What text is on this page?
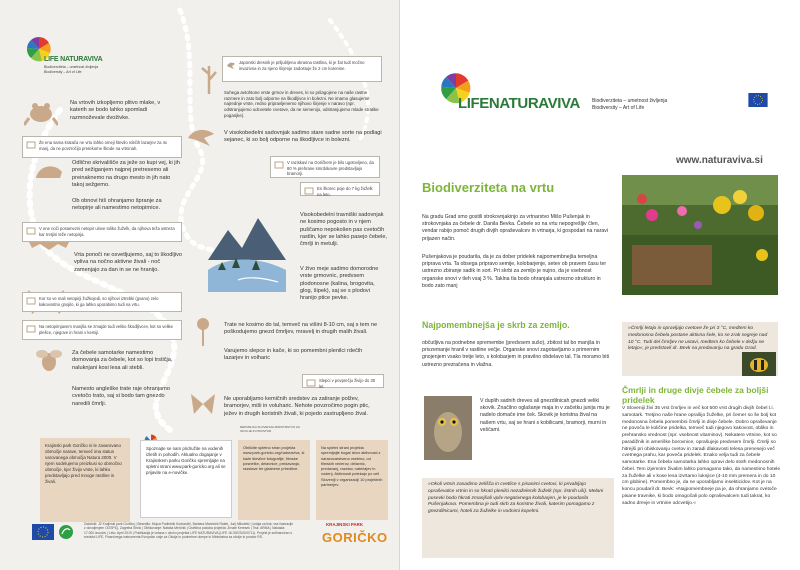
LIFE NATURAVIVA
Biodiverziteta – umetnost življenja
Biodiversity – Art of Life
Na vrtovih izkopljemo plitvo mlake, v katerih se bodo lahko spomladi razmnoževale dvoživke.
Odlično skrivališče za ježe so kupi vej, ki jih pred sežiganjem najprej pretresemo ali preinaknemo na drugo mesto in jih nato takoj sežgemo.
Ob obnovi hiš ohranjamo špranje za netopirje ali namestimo netopirnice.
Vrta ponoči ne osvetljujemo, saj to škodljivo vpliva na nočno aktivne živali - noč zamenjajo za dan in se ne hranijo.
Za čebele samotarke namestimo domovanja za čebele, kot so lopi trstičja, naluknjani kosi lesa ali stebli.
Namesto angleške trate raje ohranjamo cvetočo trato, saj si bodo tam gnezdo naredili čmrlji.
Suhega avtohtone vrste grmov in dreves, ki so prilagojene na naše rastne razmere in zato bolj odporne na škodljivce in bolezni. Ne imamo glasujeme najrednje vrste, redno pripravljenemo njihovo širjenje v naravo (npr. odstranjujemo odcvetele cvetove, da ne semenijo, odstranjujemo mlade stratike poganjke).
V visokobedelni sadovnjak sadimo stare sadne sorte na podlagi sejanec, ki so bolj odporne na škodljivce in bolezni.
Visokobedelni travniški sadovnjak ne kosimo pogosto in v njem puščamo nepokošen pas cvetočih rastlin, kjer se lahko pasejo čebele, čmrlji in metulji.
V živo meje sadimo domorodne vrste grmovnic, predvsem plodonosne (kalina, brogovita, glog, šipek), saj se s plodovi hranijo ptice pevke.
Trate ne kosimo do tal, temveč na višini 8-10 cm, saj s tem ne poškodujemo gnezd čmrljev, mravelj in drugih malih živali.
Varujemo slepce in kače, ki so pomembni plenilci rdečih lazarjev in volharic
Ne uporabljamo kemičnih sredstev za zatiranje polžev, bramorjev, miši in voluharic. Nehote povzročimo pogin ptic, ježev in drugih koristnih živali, ki pojedo zastrupljeno žival.
Japonski dresnik je priljubljena okrasna rastlina, ki je žal tudi močno invazivna in za njeno širjenje zadostuje že 2 cm koreninе.
Že ena sama kratača ne vrtu lahko omeji številо rdečih lazarjev za 4x manj, da ne povzročijo pretekorne škode na vrtninah.
V ene noči posamezni netopir ulove toliko žuželk, da njihova teža ustreza kar tretjini teže netopirja.
Kor so ve mali netopirji žužkojedi, so njihovi iztrebki (gvano) zelo kakovostno gnojilo, ki ga lahko uporabimo tudi na vrtu.
Na netopirnjavem manjša se zmajde tudi veliko škodljivcev, kot so velike plešce, njegove in hrani v kemiji.
V raziskavi na Goričkem je bilo ugotovljeno, da 80 % prehrane smrdokavre predstavljajo bramorji.
En škorec poje do 7 kg žuželk na leto.
Slepci v povprečju živijo do 30 let.
Krajinski park Goričko ni le zavarovano območje narave, temveč ima status varovanega območja Natura 2000. V njem sodelujemo preizkusi so območno območje, kjer živijo vrste, ki lahko predstavljajo pred mnoge rastline in živali.
Spoznajte se nam pridružite na vodenih izletih in pohodih. Aktualno dogajanje v Krajinskem parku Goričko spremljajte na spletni strani www.park-goricko.org ali se prijavite na e-novičke.
Obiščite spletno stran projekta www.park-goricko.org/naturaviva, ki kaže številne fotografije, filmske posnetke, delavnice, predavanja, razstave ter glasbene prireditve.
Na spletni strani projekta spremljajte bogat izbor aktivnosti z naravovarstveno vsebino, od filmskih večerov, delavnic, predavanj, razstav, natečajev in vodenj. Aktivnosti potekajo po celi Sloveniji v organizaciji 10 projektnih partnerjev.
Založnik: JZ Krajinski park Goričko | Besedilo: Mojca Podletnik Kodrančič, Barbara Marinček Ratek, Jurij Mikuletič | Izdaja za tisk: vse ilustracije z dovoljenjem OOSPIQ, Zagreba Šimić | Oblikovanje: Nataša Merčnik | Grafična podoba projekta: Zrnate Keresek | Tisk: ARMA | Naklada: 17.000 izvodov | Leto: April 2019 | Publikacija je izdana v okviru projekta LIFE NATURAVIVA (LIFE 16 GIE/SI/000711). Projekt je sofinanciran s sredstvi LIFE, Finančnega instrumenta Evropske unije za Okolje in podnebne ukrepe in Ministrstva za okolje in prostor RS.
REPUBLIKA SLOVENIJA MINISTRSTVO ZA OKOLJE IN PROSTOR
KRAJINSKI PARK
GORIČKO
LIFENATURAVIVA Biodiverziteta – umetnost življenja
Biodiversity – Art of Life
www.naturaviva.si
Biodiverziteta na vrtu
Na gradu Grad smo gostili strokovnjakinjo za vrtnarstvo Mišo Pušenjak in strokovnjaka za čebele dr. Danila Bevka. Čebele so na vrtu nepogrešljiv člen, vendar rabijo pomoč drugih divjih opraševalcev in vrtnarja, ki gospodari na naravi prijazen način.
Pušenjakova je poudarila, da je za dober pridelek najpomembnejša temeljna priprava vrta. Ta obsega pripravo semije, kolobarjenje, setev ob pravem času ter ustrezno zbiranje sadik in sort. Pri skrbi za zemljo je nujno, da je vsebnost organske snovi v tleh vsaj 3 %. Taklna tla bodo ohranjala ustrezno strukturo in bodo zato manj
Najpomembnejša je skrb za zemljo.
občutljiva na podnebne spremembe (predvsem sušo), zbitost tal bo manjša in privzemanje hranil v rastline večje. Organske snovi zagotavljamo s primernim gnojenjem vsako tretje leto, s kolobarjem in pravilno obdelavo tal. Tla moramo biti ustrezno prezračena in vlažna.
»Čmrlji letajo in opravljajo cvetove že pri 3 °C, medtem ko medonosna čebela postane aktivna šele, ko se zrak segreje nad 10 °C. Tudi del čmrljev ne ustavi, medtem ko čebele v dežju ne letajo«, je predstavil dr. Bevk na predavanju na gradu Grad.
Čmrlji in druge divje čebele za boljši pridelek
V Sloveniji živi 35 vrst čmrljev in več kot 500 vrst drugih divjih čebel t.i. samotark. Tretjino naše hrane oprašijo žuželke, pri čemer so še bolj kot medonosna čebela pomembni čmrlji in divje čebele. Dobro opraševanje ne povoča le količine pridelka, temveč tudi njegovo kakovost, obliko in prehransko vrednost (npr. vsebnost vitaminov). Nekatere vrtnine, kot so paradižnik in ameriške borovnice, oprašujejo predvsem čmrlji. Čmrlji so hitrejši pri obiskovanju cvetov in zaradi dlakavosti telesa prenesejo več cvetnega prahu, kar povečа pridelek. Enako velja tudi za čebele samotarke. Ena čebela samotarka lahko opravi delo stoth medonosnih čebel. Tem izjemnim živalim lahko pomagamo tako, da namestimo hotele za žuželke ali v kose lesa izvrtamo luknjice (4-10 mm premera in do 10 cm globine). Pomembno je, da ne uporabljamo insekticidov. Kot je na koncu poudaril dr. Bevk: »Najpomembneje pa je, da ohranjamo cvetoče pisane travnike, ki bodo omogočali polo opraševalcem tudi takrat, ko sadno drevje in vrtnine odcvetijo.«
V duplih sadnih dreves ali gnezdilnicah gnezdi veliki skovik. Značilno oglašanje maja in v začetku junija mu je nadelo domače ime ček. Skovik je koristna žival na našem vrtu, saj se hrani s kobilicami, bramorji, murni in veščami.
»Okoli vrtnin zasadimo zelišča in cvetlice s pisanimi cvetovi, ki privabljajo opraševalce vrtnin in so hkrati plenilci nezaželenih žuželk (npr. listnih uši). Melani posevki bodo hkrati zmanjšali vpliv negativnega kolobarjen, je le poudarila Pušenjakova. Pomembna je tudi skrb za koristne živali, katerim pomagamo z gnezdilnicami, hoteli za žuželke in vodnimi kopelmi.
